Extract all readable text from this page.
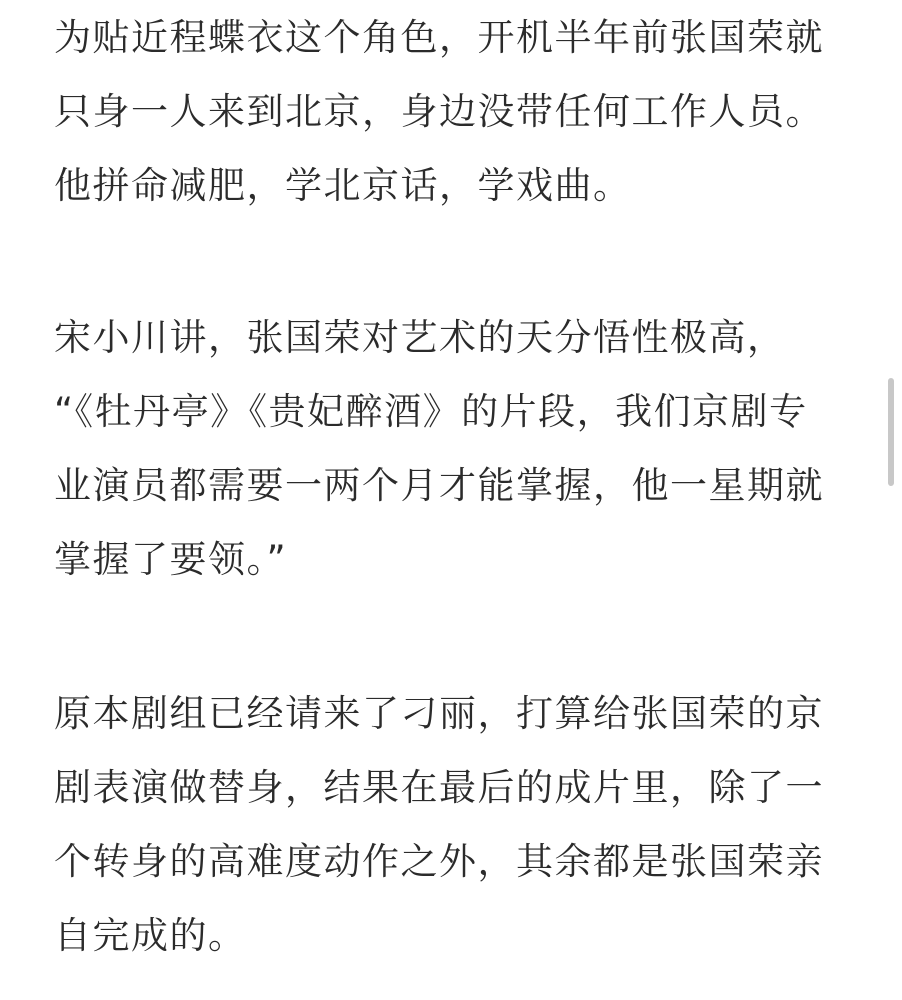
为贴近程蝶衣这个角色，开机半年前张国荣就
只身一人来到北京，身边没带任何工作人员。
他拼命减肥，学北京话，学戏曲。
宋小川讲，张国荣对艺术的天分悟性极高，
“《牡丹亭》《贵妃醉酒》的片段，我们京剧专
业演员都需要一两个月才能掌握，他一星期就
掌握了要领。”
原本剧组已经请来了刁丽，打算给张国荣的京
剧表演做替身，结果在最后的成片里，除了一
个转身的高难度动作之外，其余都是张国荣亲
自完成的。
